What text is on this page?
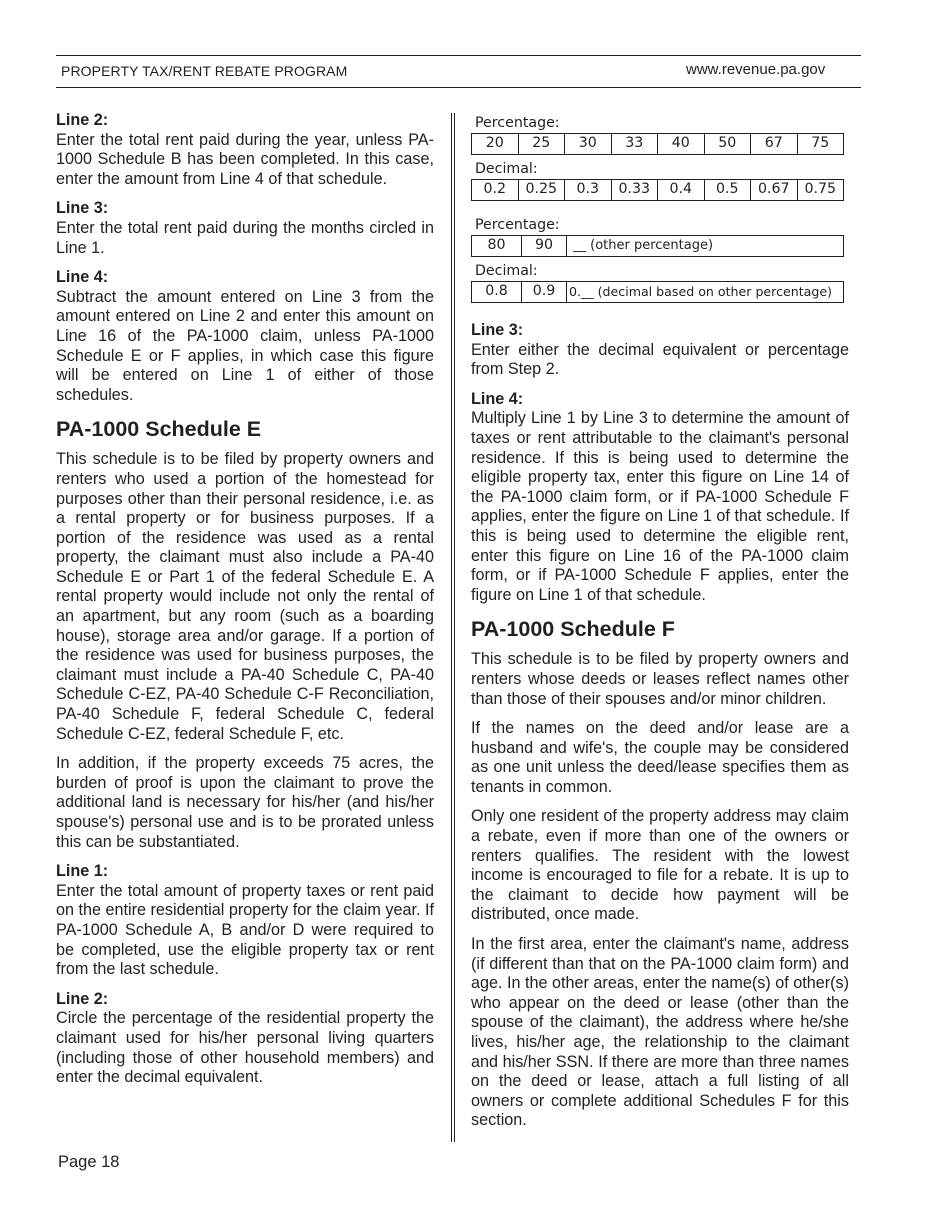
PROPERTY TAX/RENT REBATE PROGRAM	www.revenue.pa.gov
Line 2:

Enter the total rent paid during the year, unless PA-1000 Schedule B has been completed. In this case, enter the amount from Line 4 of that schedule.

Line 3:

Enter the total rent paid during the months circled in Line 1.

Line 4:

Subtract the amount entered on Line 3 from the amount entered on Line 2 and enter this amount on Line 16 of the PA-1000 claim, unless PA-1000 Schedule E or F applies, in which case this figure will be entered on Line 1 of either of those schedules.

PA-1000 Schedule E

This schedule is to be filed by property owners and renters who used a portion of the homestead for purposes other than their personal residence, i.e. as a rental property or for business purposes. If a portion of the residence was used as a rental property, the claimant must also include a PA-40 Schedule E or Part 1 of the federal Schedule E. A rental property would include not only the rental of an apartment, but any room (such as a boarding house), storage area and/or garage. If a portion of the residence was used for business purposes, the claimant must include a PA-40 Schedule C, PA-40 Schedule C-EZ, PA-40 Schedule C-F Reconciliation, PA-40 Schedule F, federal Schedule C, federal Schedule C-EZ, federal Schedule F, etc.

In addition, if the property exceeds 75 acres, the burden of proof is upon the claimant to prove the additional land is necessary for his/her (and his/her spouse's) personal use and is to be prorated unless this can be substantiated.

Line 1:

Enter the total amount of property taxes or rent paid on the entire residential property for the claim year. If PA-1000 Schedule A, B and/or D were required to be completed, use the eligible property tax or rent from the last schedule.

Line 2:

Circle the percentage of the residential property the claimant used for his/her personal living quarters (including those of other household members) and enter the decimal equivalent.

Percentage:
20	25	30	33	40	50	67	75
Decimal:
0.2	0.25	0.3	0.33	0.4	0.5	0.67	0.75
Percentage:
80	90	__ (other percentage)
Decimal:
0.8	0.9	0.__ (decimal based on other percentage)
Line 3:

Enter either the decimal equivalent or percentage from Step 2.

Line 4:

Multiply Line 1 by Line 3 to determine the amount of taxes or rent attributable to the claimant's personal residence. If this is being used to determine the eligible property tax, enter this figure on Line 14 of the PA-1000 claim form, or if PA-1000 Schedule F applies, enter the figure on Line 1 of that schedule. If this is being used to determine the eligible rent, enter this figure on Line 16 of the PA-1000 claim form, or if PA-1000 Schedule F applies, enter the figure on Line 1 of that schedule.

PA-1000 Schedule F

This schedule is to be filed by property owners and renters whose deeds or leases reflect names other than those of their spouses and/or minor children.

If the names on the deed and/or lease are a husband and wife's, the couple may be considered as one unit unless the deed/lease specifies them as tenants in common.

Only one resident of the property address may claim a rebate, even if more than one of the owners or renters qualifies. The resident with the lowest income is encouraged to file for a rebate. It is up to the claimant to decide how payment will be distributed, once made.

In the first area, enter the claimant's name, address (if different than that on the PA-1000 claim form) and age. In the other areas, enter the name(s) of other(s) who appear on the deed or lease (other than the spouse of the claimant), the address where he/she lives, his/her age, the relationship to the claimant and his/her SSN. If there are more than three names on the deed or lease, attach a full listing of all owners or complete additional Schedules F for this section.

Page 18
